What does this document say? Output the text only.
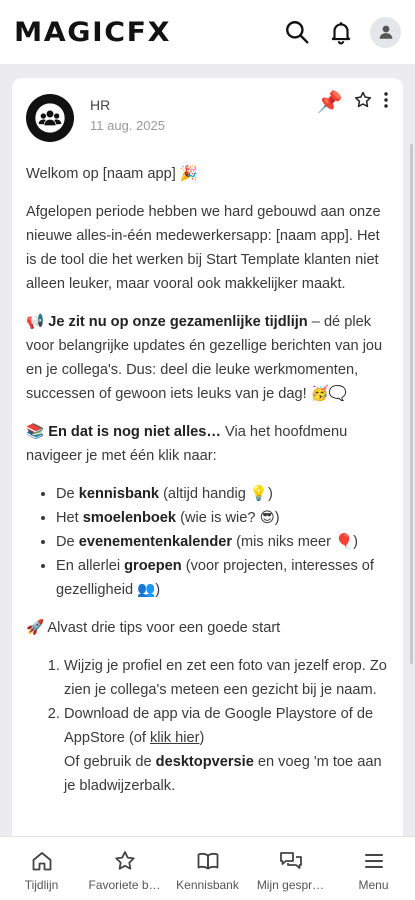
MAGICFX
HR
11 aug. 2025
📌

Welkom op [naam app] 🎉

Afgelopen periode hebben we hard gebouwd aan onze nieuwe alles-in-één medewerkersapp: [naam app]. Het is de tool die het werken bij Start Template klanten niet alleen leuker, maar vooral ook makkelijker maakt.

📢 Je zit nu op onze gezamenlijke tijdlijn – dé plek voor belangrijke updates én gezellige berichten van jou en je collega's. Dus: deel die leuke werkmomenten, successen of gewoon iets leuks van je dag! 🥳🗨️

📚 En dat is nog niet alles… Via het hoofdmenu navigeer je met één klik naar:

• De kennisbank (altijd handig 💡)
• Het smoelenboek (wie is wie? 😎)
• De evenementenkalender (mis niks meer 🎈)
• En allerlei groepen (voor projecten, interesses of gezelligheid 👥)

🚀 Alvast drie tips voor een goede start

1. Wijzig je profiel en zet een foto van jezelf erop. Zo zien je collega's meteen een gezicht bij je naam.
2. Download de app via de Google Playstore of de AppStore (of klik hier)
Of gebruik de desktopversie en voeg 'm toe aan je bladwijzerbalk.
Tijdlijn	Favoriete b… Kennisbank Mijn gespr…	Menu
